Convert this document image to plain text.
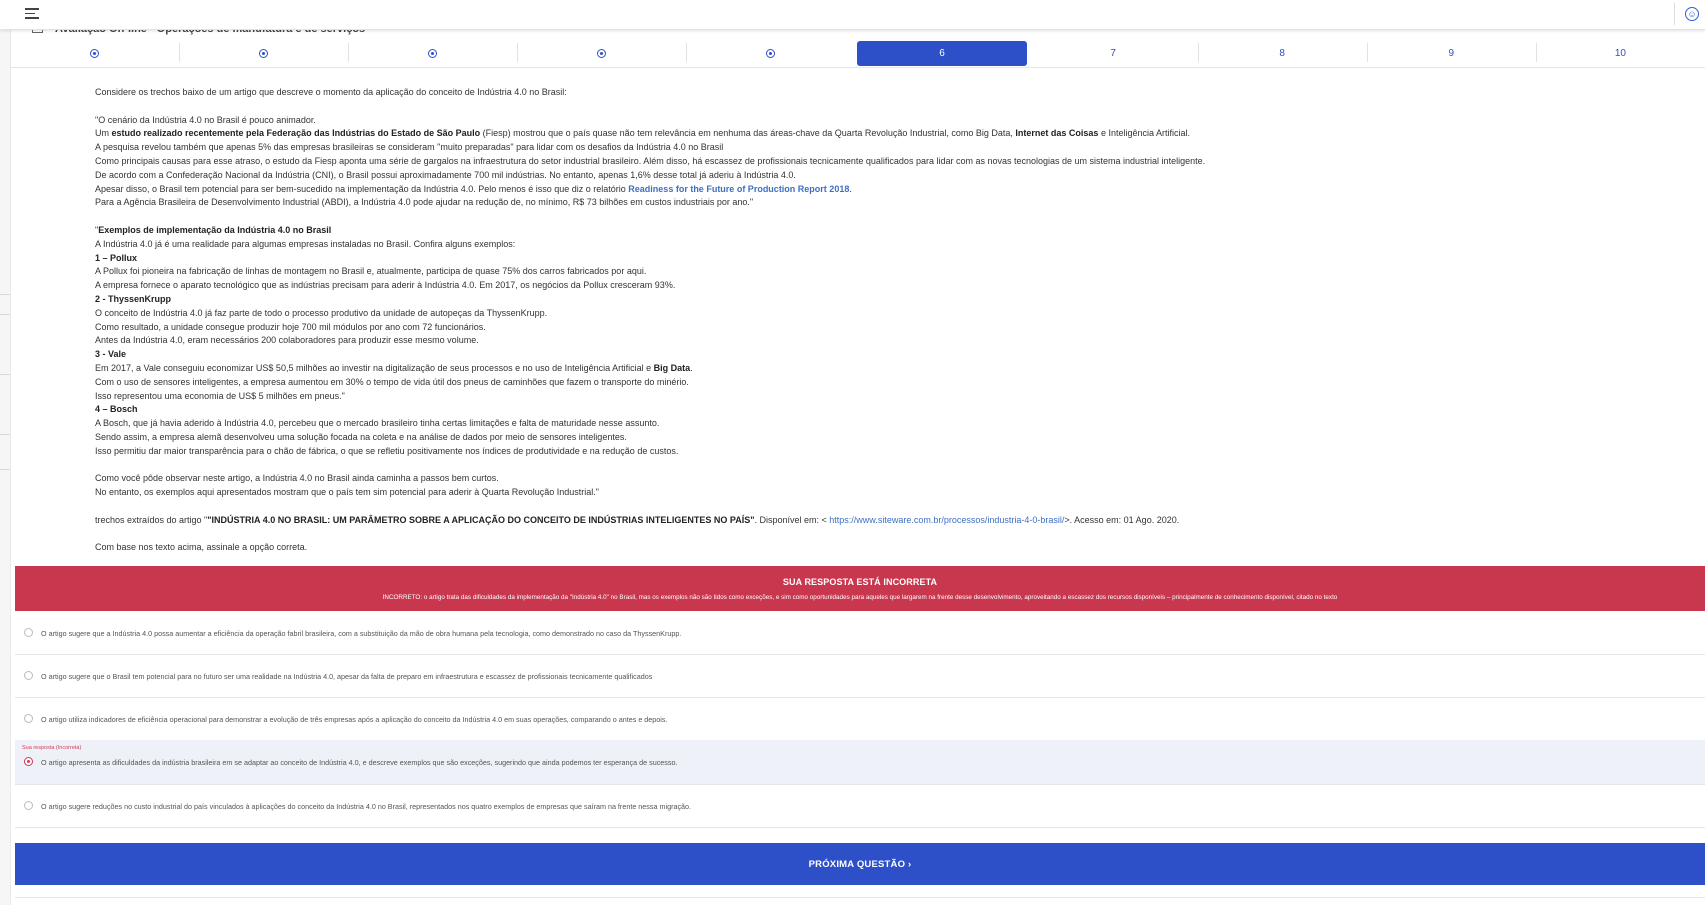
☺
6	7	8	9	10

Considere os trechos baixo de um artigo que descreve o momento da aplicação do conceito de Indústria 4.0 no Brasil:

"O cenário da Indústria 4.0 no Brasil é pouco animador.

Um estudo realizado recentemente pela Federação das Indústrias do Estado de São Paulo (Fiesp) mostrou que o país quase não tem relevância em nenhuma das áreas-chave da Quarta Revolução Industrial, como Big Data, Internet das Coisas e Inteligência Artificial.

A pesquisa revelou também que apenas 5% das empresas brasileiras se consideram "muito preparadas" para lidar com os desafios da Indústria 4.0 no Brasil

Como principais causas para esse atraso, o estudo da Fiesp aponta uma série de gargalos na infraestrutura do setor industrial brasileiro. Além disso, há escassez de profissionais tecnicamente qualificados para lidar com as novas tecnologias de um sistema industrial inteligente.

De acordo com a Confederação Nacional da Indústria (CNI), o Brasil possui aproximadamente 700 mil indústrias. No entanto, apenas 1,6% desse total já aderiu à Indústria 4.0.

Apesar disso, o Brasil tem potencial para ser bem-sucedido na implementação da Indústria 4.0. Pelo menos é isso que diz o relatório Readiness for the Future of Production Report 2018.

Para a Agência Brasileira de Desenvolvimento Industrial (ABDI), a Indústria 4.0 pode ajudar na redução de, no mínimo, R$ 73 bilhões em custos industriais por ano."

"Exemplos de implementação da Indústria 4.0 no Brasil

A Indústria 4.0 já é uma realidade para algumas empresas instaladas no Brasil. Confira alguns exemplos:

1 – Pollux

A Pollux foi pioneira na fabricação de linhas de montagem no Brasil e, atualmente, participa de quase 75% dos carros fabricados por aqui.

A empresa fornece o aparato tecnológico que as indústrias precisam para aderir à Indústria 4.0. Em 2017, os negócios da Pollux cresceram 93%.

2 - ThyssenKrupp

O conceito de Indústria 4.0 já faz parte de todo o processo produtivo da unidade de autopeças da ThyssenKrupp.

Como resultado, a unidade consegue produzir hoje 700 mil módulos por ano com 72 funcionários.

Antes da Indústria 4.0, eram necessários 200 colaboradores para produzir esse mesmo volume.

3 - Vale

Em 2017, a Vale conseguiu economizar US$ 50,5 milhões ao investir na digitalização de seus processos e no uso de Inteligência Artificial e Big Data.

Com o uso de sensores inteligentes, a empresa aumentou em 30% o tempo de vida útil dos pneus de caminhões que fazem o transporte do minério.

Isso representou uma economia de US$ 5 milhões em pneus."

4 – Bosch

A Bosch, que já havia aderido à Indústria 4.0, percebeu que o mercado brasileiro tinha certas limitações e falta de maturidade nesse assunto.

Sendo assim, a empresa alemã desenvolveu uma solução focada na coleta e na análise de dados por meio de sensores inteligentes.

Isso permitiu dar maior transparência para o chão de fábrica, o que se refletiu positivamente nos índices de produtividade e na redução de custos.

Como você pôde observar neste artigo, a Indústria 4.0 no Brasil ainda caminha a passos bem curtos.

No entanto, os exemplos aqui apresentados mostram que o país tem sim potencial para aderir à Quarta Revolução Industrial."

trechos extraídos do artigo ""INDÚSTRIA 4.0 NO BRASIL: UM PARÂMETRO SOBRE A APLICAÇÃO DO CONCEITO DE INDÚSTRIAS INTELIGENTES NO PAÍS". Disponível em: < https://www.siteware.com.br/processos/industria-4-0-brasil/>. Acesso em: 01 Ago. 2020.

Com base nos texto acima, assinale a opção correta.

SUA RESPOSTA ESTÁ INCORRETA
INCORRETO: o artigo trata das dificuldades da implementação da "Indústria 4.0" no Brasil, mas os exemplos não são tidos como exceções, e sim como oportunidades para aqueles que largarem na frente desse desenvolvimento, aproveitando a escassez dos recursos disponíveis – principalmente de conhecimento disponível, citado no texto
O artigo sugere que a Indústria 4.0 possa aumentar a eficiência da operação fabril brasileira, com a substituição da mão de obra humana pela tecnologia, como demonstrado no caso da ThyssenKrupp.
O artigo sugere que o Brasil tem potencial para no futuro ser uma realidade na Indústria 4.0, apesar da falta de preparo em infraestrutura e escassez de profissionais tecnicamente qualificados
O artigo utiliza indicadores de eficiência operacional para demonstrar a evolução de três empresas após a aplicação do conceito da Indústria 4.0 em suas operações, comparando o antes e depois.
Sua resposta (Incorreta)
O artigo apresenta as dificuldades da indústria brasileira em se adaptar ao conceito de Indústria 4.0, e descreve exemplos que são exceções, sugerindo que ainda podemos ter esperança de sucesso.
O artigo sugere reduções no custo industrial do país vinculados à aplicações do conceito da Indústria 4.0 no Brasil, representados nos quatro exemplos de empresas que saíram na frente nessa migração.
PRÓXIMA QUESTÃO ›
